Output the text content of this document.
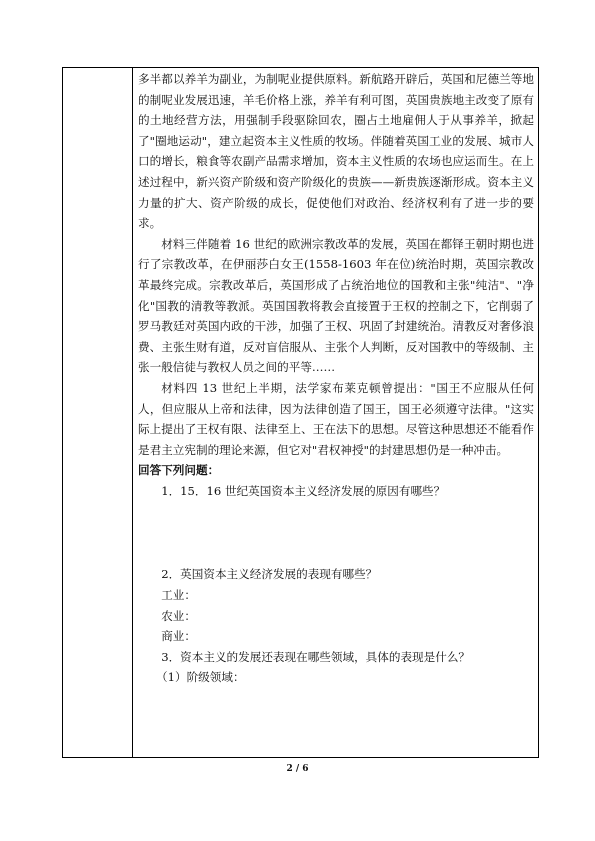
多半都以养羊为副业，为制呢业提供原料。新航路开辟后，英国和尼德兰等地的制呢业发展迅速，羊毛价格上涨，养羊有利可图，英国贵族地主改变了原有的土地经营方法，用强制手段驱除回农，圈占土地雇佣人于从事养羊，掀起了"圈地运动"，建立起资本主义性质的牧场。伴随着英国工业的发展、城市人口的增长，粮食等农副产品需求增加，资本主义性质的农场也应运而生。在上述过程中，新兴资产阶级和资产阶级化的贵族——新贵族逐渐形成。资本主义力量的扩大、资产阶级的成长，促使他们对政治、经济权利有了进一步的要求。

材料三伴随着 16 世纪的欧洲宗教改革的发展，英国在都铎王朝时期也进行了宗教改革，在伊丽莎白女王(1558-1603 年在位)统治时期，英国宗教改革最终完成。宗教改革后，英国形成了占统治地位的国教和主张"纯洁"、"净化"国教的清教等教派。英国国教将教会直接置于王权的控制之下，它削弱了罗马教廷对英国内政的干涉，加强了王权、巩固了封建统治。清教反对奢侈浪费、主张生财有道，反对盲信服从、主张个人判断，反对国教中的等级制、主张一般信徒与教权人员之间的平等……

材料四 13 世纪上半期，法学家布莱克顿曾提出："国王不应服从任何人，但应服从上帝和法律，因为法律创造了国王，国王必须遵守法律。"这实际上提出了王权有限、法律至上、王在法下的思想。尽管这种思想还不能看作是君主立宪制的理论来源，但它对"君权神授"的封建思想仍是一种冲击。

回答下列问题：

1．15．16 世纪英国资本主义经济发展的原因有哪些？

2．英国资本主义经济发展的表现有哪些？

工业：

农业：

商业：

3．资本主义的发展还表现在哪些领域，具体的表现是什么？

（1）阶级领域：

2 / 6
